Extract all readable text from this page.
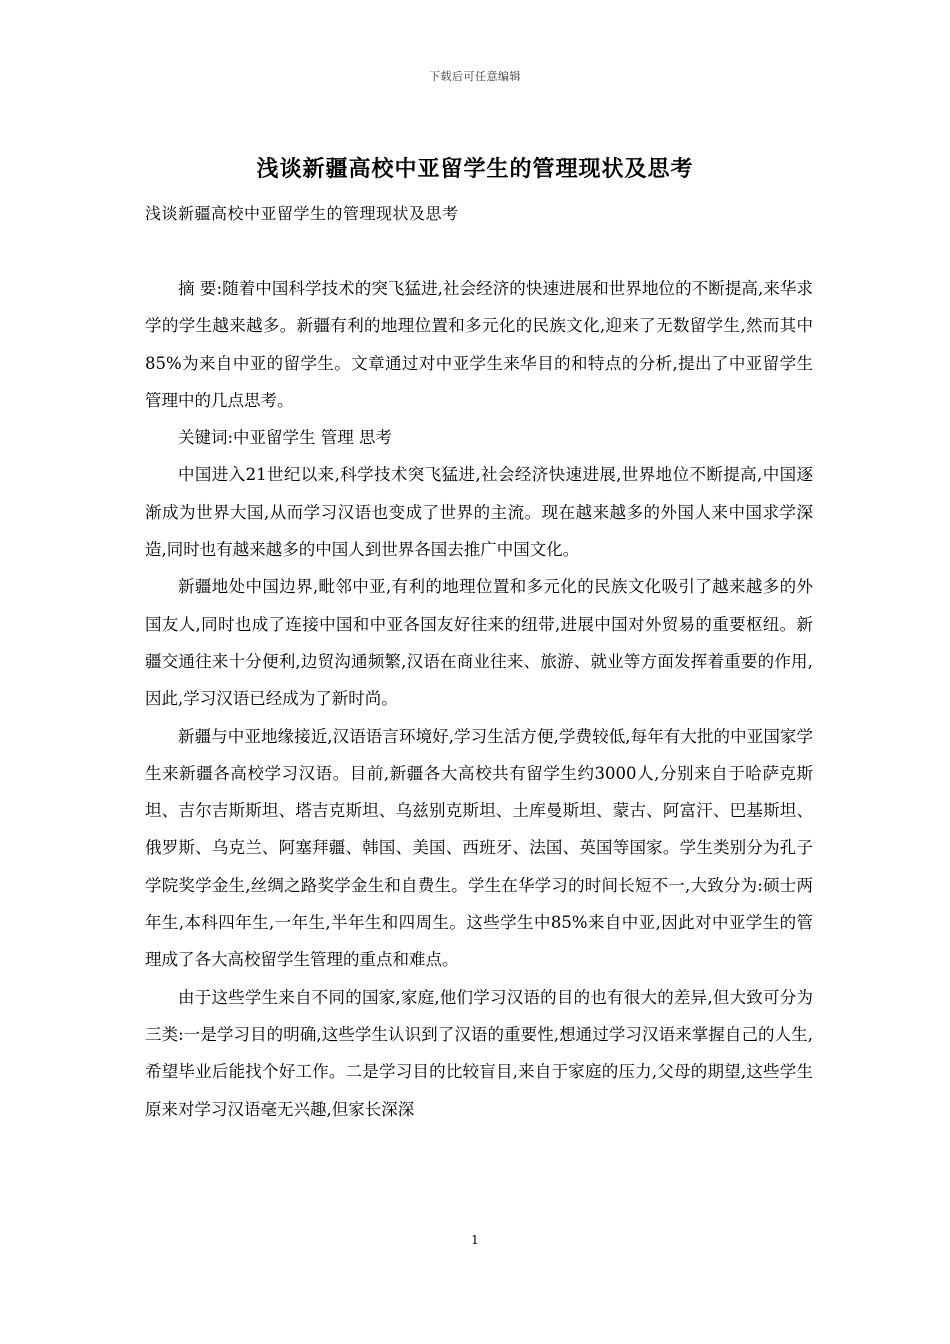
下载后可任意编辑
浅谈新疆高校中亚留学生的管理现状及思考
浅谈新疆高校中亚留学生的管理现状及思考

摘 要:随着中国科学技术的突飞猛进,社会经济的快速进展和世界地位的不断提高,来华求学的学生越来越多。新疆有利的地理位置和多元化的民族文化,迎来了无数留学生,然而其中85%为来自中亚的留学生。文章通过对中亚学生来华目的和特点的分析,提出了中亚留学生管理中的几点思考。

关键词:中亚留学生 管理 思考

中国进入21世纪以来,科学技术突飞猛进,社会经济快速进展,世界地位不断提高,中国逐渐成为世界大国,从而学习汉语也变成了世界的主流。现在越来越多的外国人来中国求学深造,同时也有越来越多的中国人到世界各国去推广中国文化。

新疆地处中国边界,毗邻中亚,有利的地理位置和多元化的民族文化吸引了越来越多的外国友人,同时也成了连接中国和中亚各国友好往来的纽带,进展中国对外贸易的重要枢纽。新疆交通往来十分便利,边贸沟通频繁,汉语在商业往来、旅游、就业等方面发挥着重要的作用,因此,学习汉语已经成为了新时尚。

新疆与中亚地缘接近,汉语语言环境好,学习生活方便,学费较低,每年有大批的中亚国家学生来新疆各高校学习汉语。目前,新疆各大高校共有留学生约3000人,分别来自于哈萨克斯坦、吉尔吉斯斯坦、塔吉克斯坦、乌兹别克斯坦、土库曼斯坦、蒙古、阿富汗、巴基斯坦、俄罗斯、乌克兰、阿塞拜疆、韩国、美国、西班牙、法国、英国等国家。学生类别分为孔子学院奖学金生,丝绸之路奖学金生和自费生。学生在华学习的时间长短不一,大致分为:硕士两年生,本科四年生,一年生,半年生和四周生。这些学生中85%来自中亚,因此对中亚学生的管理成了各大高校留学生管理的重点和难点。

由于这些学生来自不同的国家,家庭,他们学习汉语的目的也有很大的差异,但大致可分为三类:一是学习目的明确,这些学生认识到了汉语的重要性,想通过学习汉语来掌握自己的人生,希望毕业后能找个好工作。二是学习目的比较盲目,来自于家庭的压力,父母的期望,这些学生原来对学习汉语毫无兴趣,但家长深深

1
